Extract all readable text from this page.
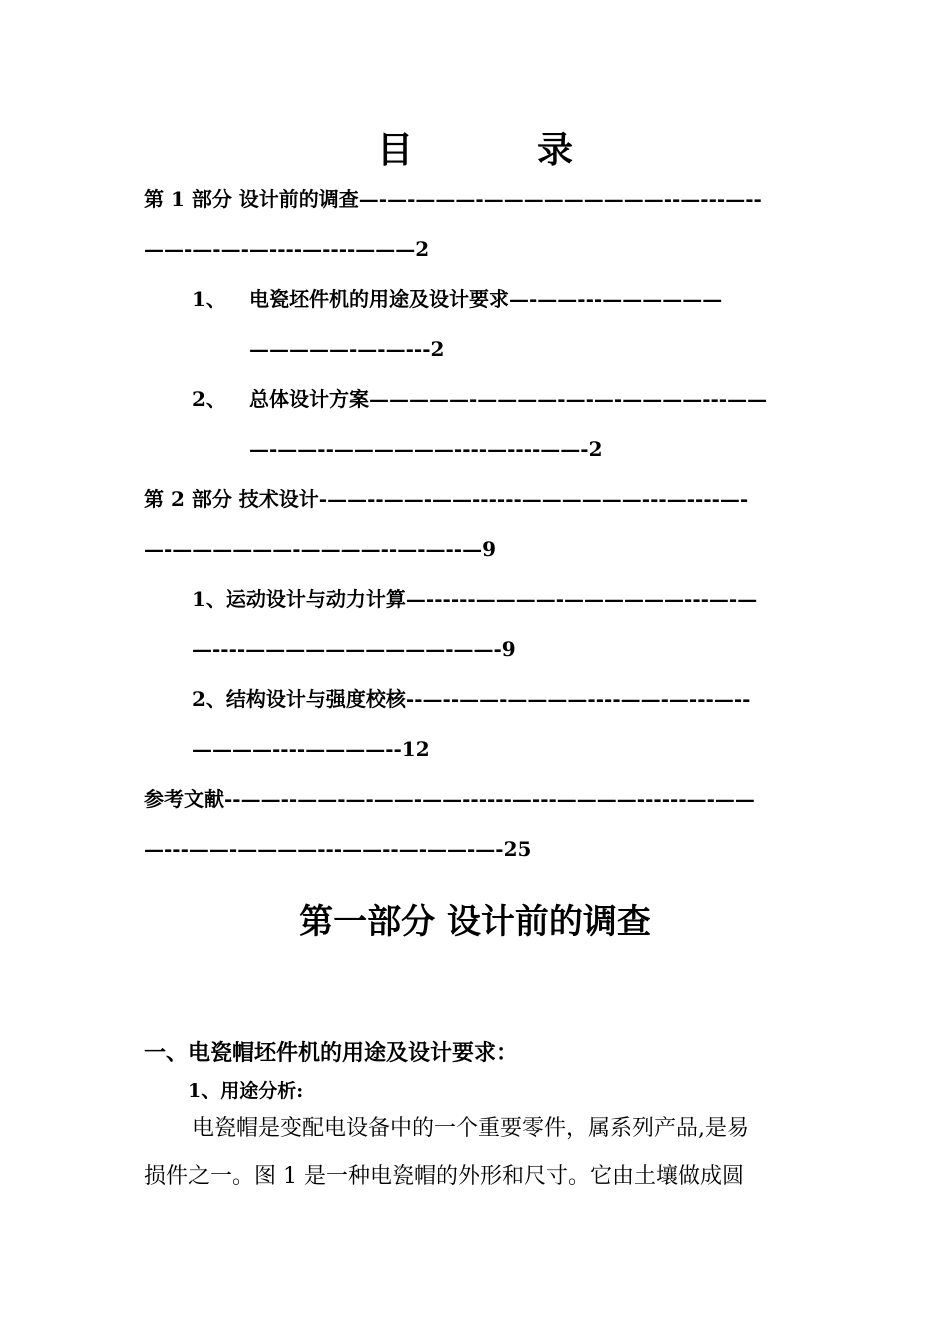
目　录
第 1 部分 设计前的调查—-—-———-—————————--—---—--
——-—-—-—----—----———2
1、 电瓷坯件机的用途及设计要求—-——---——————
—————-—-—---2
2、 总体设计方案—————-————-—-—-————---——
—-——--——————----—----——-2
第 2 部分 技术设计-——--——-——------——————---—----—-
—-——————-————--—-—--—9
1、运动设计与动力计算—------————-——————---—-—
—----——————————-——-9
2、结构设计与强度校核--—--——-————----——-—---—--
————----————--12
参考文献--——--——-—-——-——------—---————------—-——
—---——-————---——--—-——-—-25
第一部分 设计前的调查
一、电瓷帽坯件机的用途及设计要求：
1、用途分析:
电瓷帽是变配电设备中的一个重要零件，属系列产品,是易
损件之一。图 1 是一种电瓷帽的外形和尺寸。它由土壤做成圆
